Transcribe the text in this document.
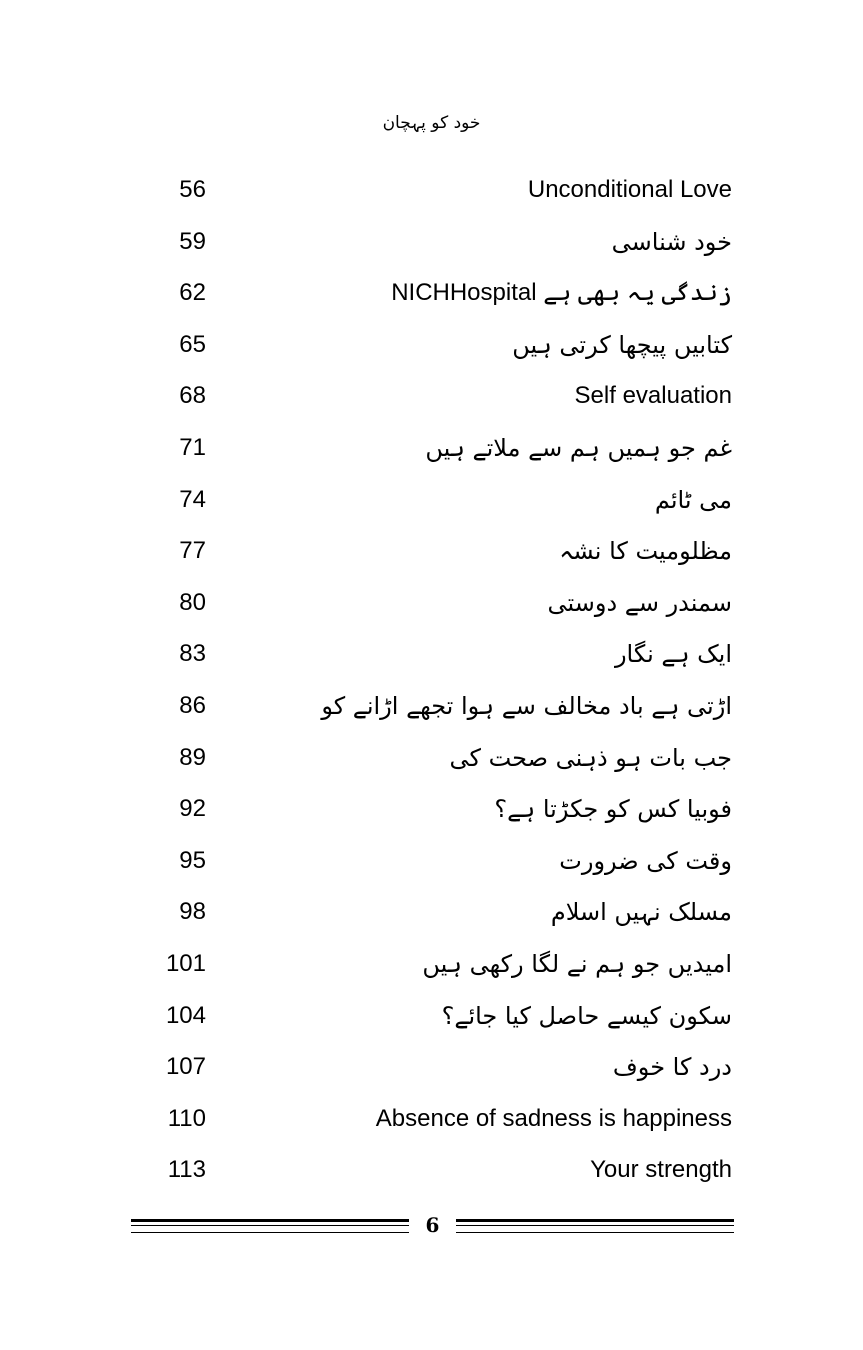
خود کو پہچان
56	Unconditional Love
59	خود شناسی
62	NICHHospital زندگی یہ بھی ہے
65	کتابیں پیچھا کرتی ہیں
68	Self evaluation
71	غم جو ہمیں ہم سے ملاتے ہیں
74	می ٹائم
77	مظلومیت کا نشہ
80	سمندر سے دوستی
83	ایک ہے نگار
86	اڑتی ہے باد مخالف سے ہوا تجھے اڑانے کو
89	جب بات ہو ذہنی صحت کی
92	فوبیا کس کو جکڑتا ہے؟
95	وقت کی ضرورت
98	مسلک نہیں اسلام
101	امیدیں جو ہم نے لگا رکھی ہیں
104	سکون کیسے حاصل کیا جائے؟
107	درد کا خوف
110	Absence of sadness is happiness
113	Your strength
6
